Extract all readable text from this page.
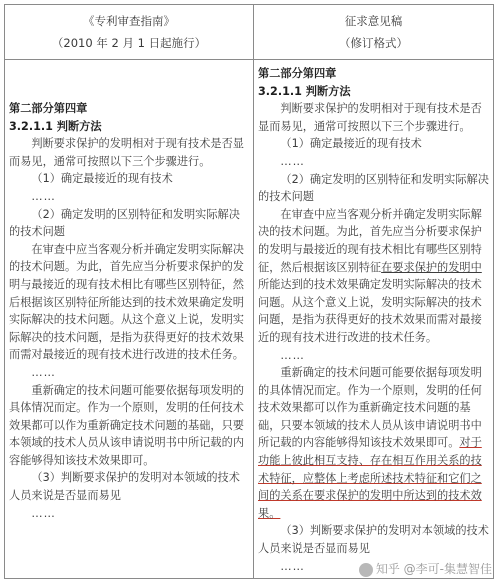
《专利审查指南》
（2010 年 2 月 1 日起施行）
征求意见稿
（修订格式）

第二部分第四章

3.2.1.1 判断方法

判断要求保护的发明相对于现有技术是否显而易见，通常可按照以下三个步骤进行。

（1）确定最接近的现有技术

……

（2）确定发明的区别特征和发明实际解决的技术问题

在审查中应当客观分析并确定发明实际解决的技术问题。为此，首先应当分析要求保护的发明与最接近的现有技术相比有哪些区别特征，然后根据该区别特征所能达到的技术效果确定发明实际解决的技术问题。从这个意义上说，发明实际解决的技术问题，是指为获得更好的技术效果而需对最接近的现有技术进行改进的技术任务。

……

重新确定的技术问题可能要依据每项发明的具体情况而定。作为一个原则，发明的任何技术效果都可以作为重新确定技术问题的基础，只要本领域的技术人员从该申请说明书中所记载的内容能够得知该技术效果即可。

（3）判断要求保护的发明对本领域的技术人员来说是否显而易见

……

第二部分第四章

3.2.1.1 判断方法

判断要求保护的发明相对于现有技术是否显而易见，通常可按照以下三个步骤进行。

（1）确定最接近的现有技术

……

（2）确定发明的区别特征和发明实际解决的技术问题

在审查中应当客观分析并确定发明实际解决的技术问题。为此，首先应当分析要求保护的发明与最接近的现有技术相比有哪些区别特征，然后根据该区别特征在要求保护的发明中所能达到的技术效果确定发明实际解决的技术问题。从这个意义上说，发明实际解决的技术问题，是指为获得更好的技术效果而需对最接近的现有技术进行改进的技术任务。

……

重新确定的技术问题可能要依据每项发明的具体情况而定。作为一个原则，发明的任何技术效果都可以作为重新确定技术问题的基础，只要本领域的技术人员从该申请说明书中所记载的内容能够得知该技术效果即可。对于功能上彼此相互支持、存在相互作用关系的技术特征，应整体上考虑所述技术特征和它们之间的关系在要求保护的发明中所达到的技术效果。

（3）判断要求保护的发明对本领域的技术人员来说是否显而易见

……	知乎 @李可-集慧智佳
